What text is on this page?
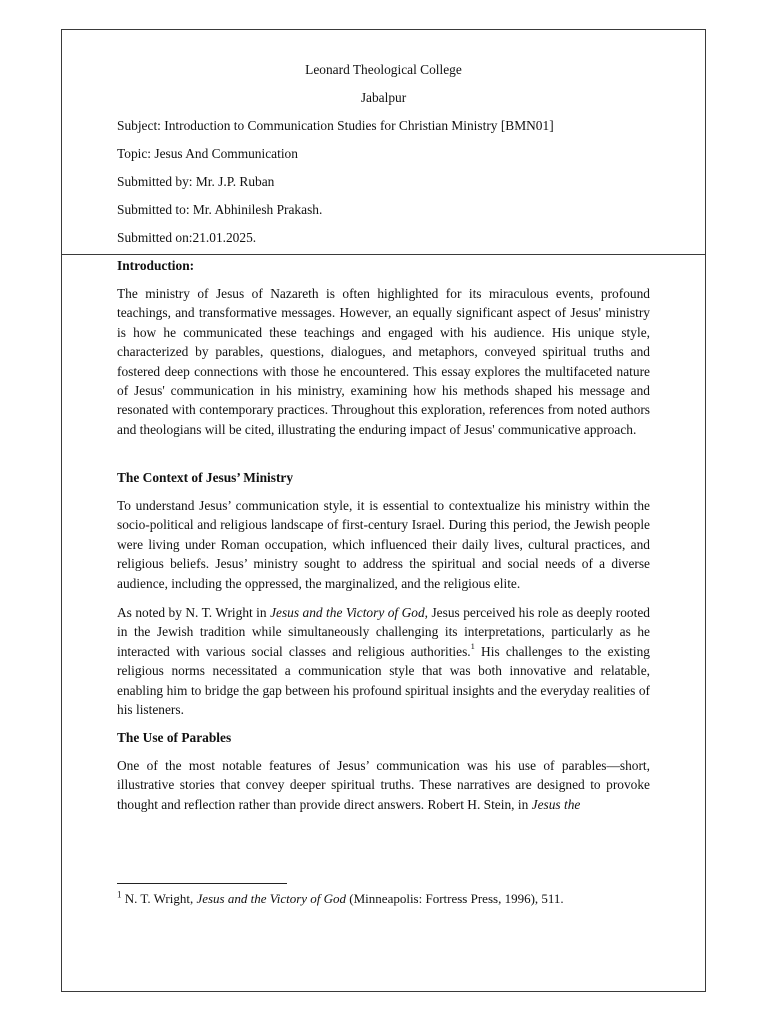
Leonard Theological College
Jabalpur
Subject: Introduction to Communication Studies for Christian Ministry [BMN01]
Topic: Jesus And Communication
Submitted by: Mr. J.P. Ruban
Submitted to: Mr. Abhinilesh Prakash.
Submitted on:21.01.2025.
Introduction:

The ministry of Jesus of Nazareth is often highlighted for its miraculous events, profound teachings, and transformative messages. However, an equally significant aspect of Jesus' ministry is how he communicated these teachings and engaged with his audience. His unique style, characterized by parables, questions, dialogues, and metaphors, conveyed spiritual truths and fostered deep connections with those he encountered. This essay explores the multifaceted nature of Jesus' communication in his ministry, examining how his methods shaped his message and resonated with contemporary practices. Throughout this exploration, references from noted authors and theologians will be cited, illustrating the enduring impact of Jesus' communicative approach.

The Context of Jesus’ Ministry

To understand Jesus’ communication style, it is essential to contextualize his ministry within the socio-political and religious landscape of first-century Israel. During this period, the Jewish people were living under Roman occupation, which influenced their daily lives, cultural practices, and religious beliefs. Jesus’ ministry sought to address the spiritual and social needs of a diverse audience, including the oppressed, the marginalized, and the religious elite.

As noted by N. T. Wright in Jesus and the Victory of God, Jesus perceived his role as deeply rooted in the Jewish tradition while simultaneously challenging its interpretations, particularly as he interacted with various social classes and religious authorities.$^1$ His challenges to the existing religious norms necessitated a communication style that was both innovative and relatable, enabling him to bridge the gap between his profound spiritual insights and the everyday realities of his listeners.

The Use of Parables

One of the most notable features of Jesus’ communication was his use of parables—short, illustrative stories that convey deeper spiritual truths. These narratives are designed to provoke thought and reflection rather than provide direct answers. Robert H. Stein, in Jesus the

$^1$ N. T. Wright, Jesus and the Victory of God (Minneapolis: Fortress Press, 1996), 511.
